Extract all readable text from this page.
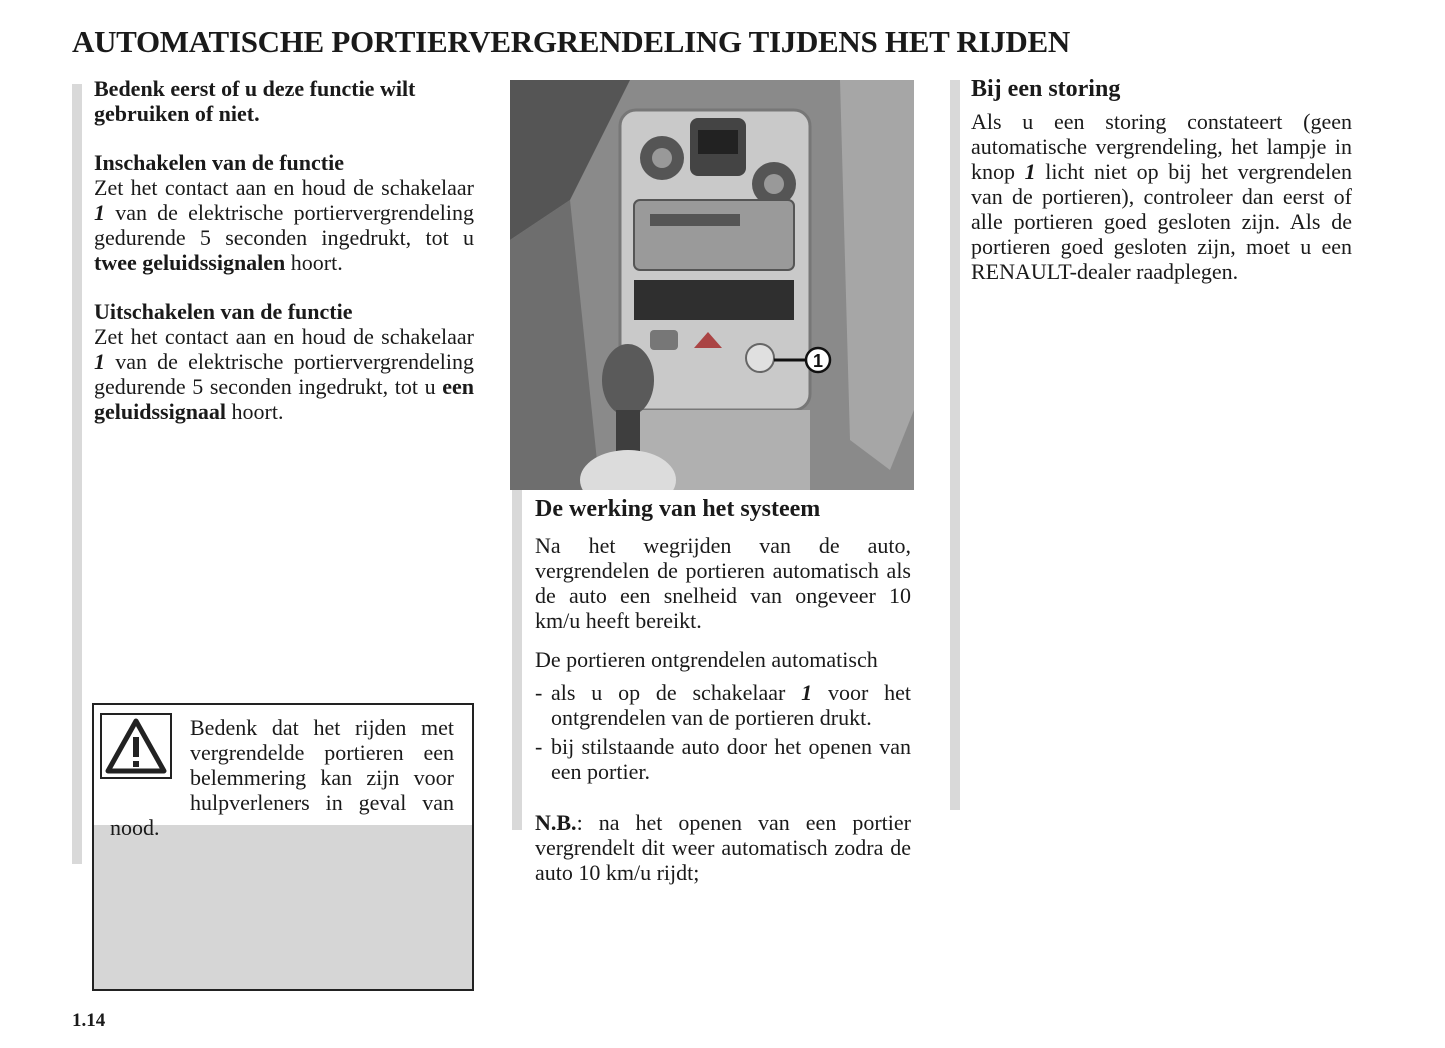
AUTOMATISCHE PORTIERVERGRENDELING TIJDENS HET RIJDEN

Bedenk eerst of u deze functie wilt gebruiken of niet.

Inschakelen van de functie

Zet het contact aan en houd de schakelaar 1 van de elektrische portiervergrendeling gedurende 5 seconden ingedrukt, tot u twee geluidssignalen hoort.

Uitschakelen van de functie

Zet het contact aan en houd de schakelaar 1 van de elektrische portiervergrendeling gedurende 5 seconden ingedrukt, tot u een geluidssignaal hoort.

Bedenk dat het rijden met vergrendelde portieren een belemmering kan zijn voor hulpverleners in geval van nood.

1

De werking van het systeem

Na het wegrijden van de auto, vergrendelen de portieren automatisch als de auto een snelheid van ongeveer 10 km/u heeft bereikt.

De portieren ontgrendelen automatisch

- als u op de schakelaar 1 voor het ontgrendelen van de portieren drukt.
- bij stilstaande auto door het openen van een portier.

N.B.: na het openen van een portier vergrendelt dit weer automatisch zodra de auto 10 km/u rijdt;

Bij een storing

Als u een storing constateert (geen automatische vergrendeling, het lampje in knop 1 licht niet op bij het vergrendelen van de portieren), controleer dan eerst of alle portieren goed gesloten zijn. Als de portieren goed gesloten zijn, moet u een RENAULT-dealer raadplegen.

1.14
